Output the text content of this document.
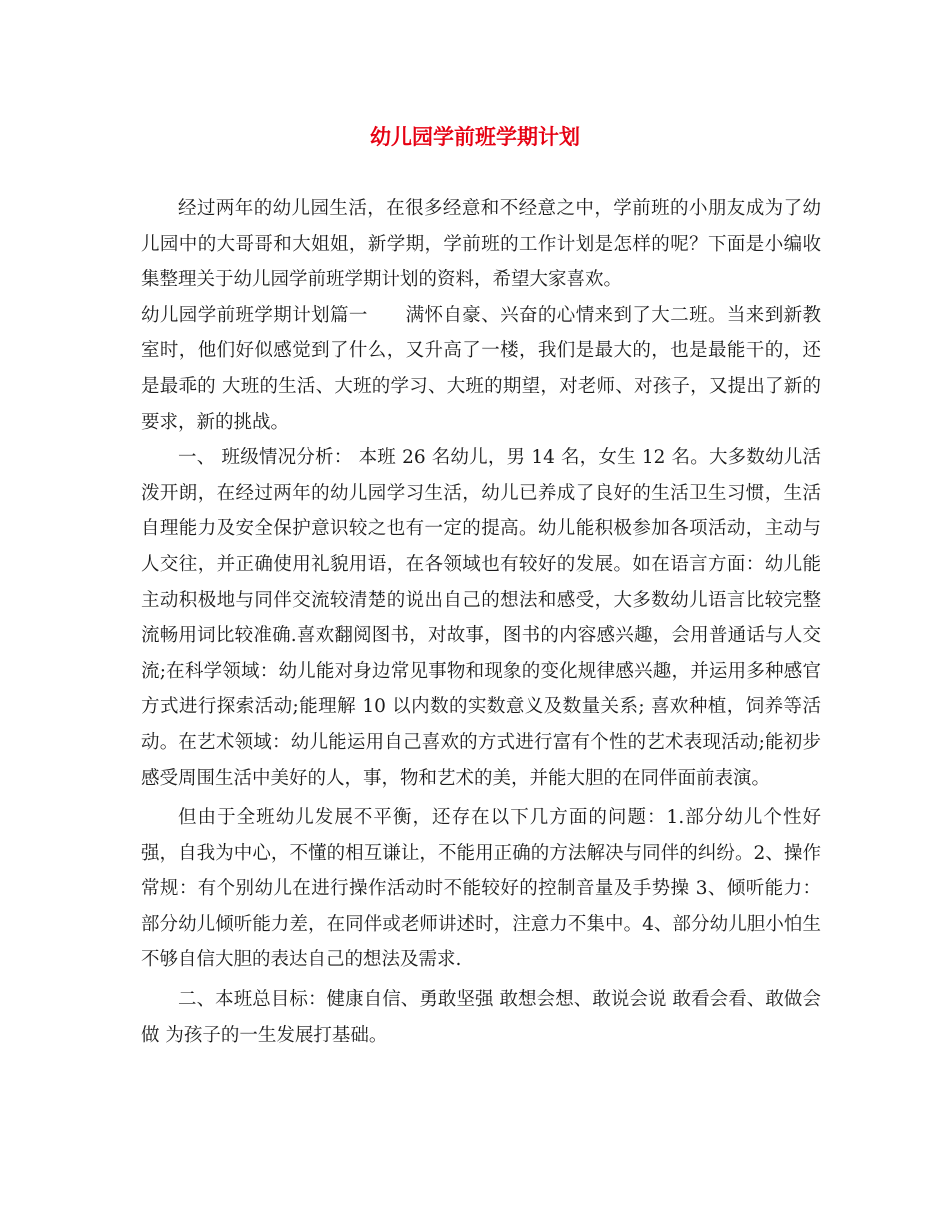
幼儿园学前班学期计划

经过两年的幼儿园生活，在很多经意和不经意之中，学前班的小朋友成为了幼儿园中的大哥哥和大姐姐，新学期，学前班的工作计划是怎样的呢？下面是小编收集整理关于幼儿园学前班学期计划的资料，希望大家喜欢。

幼儿园学前班学期计划篇一　　满怀自豪、兴奋的心情来到了大二班。当来到新教室时，他们好似感觉到了什么，又升高了一楼，我们是最大的，也是最能干的，还是最乖的 大班的生活、大班的学习、大班的期望，对老师、对孩子，又提出了新的要求，新的挑战。

一、 班级情况分析： 本班 26 名幼儿，男 14 名，女生 12 名。大多数幼儿活泼开朗，在经过两年的幼儿园学习生活，幼儿已养成了良好的生活卫生习惯，生活自理能力及安全保护意识较之也有一定的提高。幼儿能积极参加各项活动，主动与人交往，并正确使用礼貌用语，在各领域也有较好的发展。如在语言方面：幼儿能主动积极地与同伴交流较清楚的说出自己的想法和感受，大多数幼儿语言比较完整流畅用词比较准确.喜欢翻阅图书，对故事，图书的内容感兴趣，会用普通话与人交流;在科学领域：幼儿能对身边常见事物和现象的变化规律感兴趣，并运用多种感官方式进行探索活动;能理解 10 以内数的实数意义及数量关系; 喜欢种植，饲养等活动。在艺术领域：幼儿能运用自己喜欢的方式进行富有个性的艺术表现活动;能初步感受周围生活中美好的人，事，物和艺术的美，并能大胆的在同伴面前表演。

但由于全班幼儿发展不平衡，还存在以下几方面的问题：1.部分幼儿个性好强，自我为中心，不懂的相互谦让，不能用正确的方法解决与同伴的纠纷。2、操作常规：有个别幼儿在进行操作活动时不能较好的控制音量及手势操 3、倾听能力：部分幼儿倾听能力差，在同伴或老师讲述时，注意力不集中。4、部分幼儿胆小怕生不够自信大胆的表达自己的想法及需求.

二、本班总目标：健康自信、勇敢坚强 敢想会想、敢说会说 敢看会看、敢做会做 为孩子的一生发展打基础。
